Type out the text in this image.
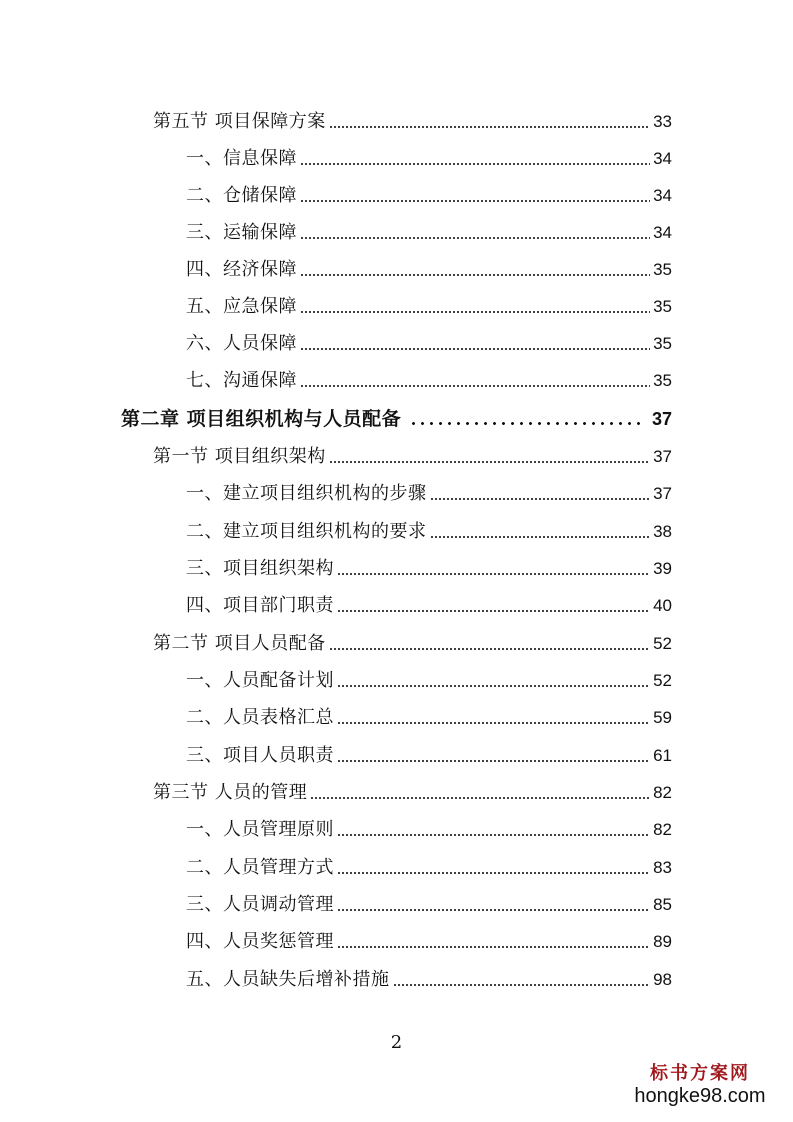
第五节 项目保障方案	33
一、信息保障	34
二、仓储保障	34
三、运输保障	34
四、经济保障	35
五、应急保障	35
六、人员保障	35
七、沟通保障	35
第二章 项目组织机构与人员配备	37
第一节 项目组织架构	37
一、建立项目组织机构的步骤	37
二、建立项目组织机构的要求	38
三、项目组织架构	39
四、项目部门职责	40
第二节 项目人员配备	52
一、人员配备计划	52
二、人员表格汇总	59
三、项目人员职责	61
第三节 人员的管理	82
一、人员管理原则	82
二、人员管理方式	83
三、人员调动管理	85
四、人员奖惩管理	89
五、人员缺失后增补措施	98
2
标书方案网
hongke98.com
